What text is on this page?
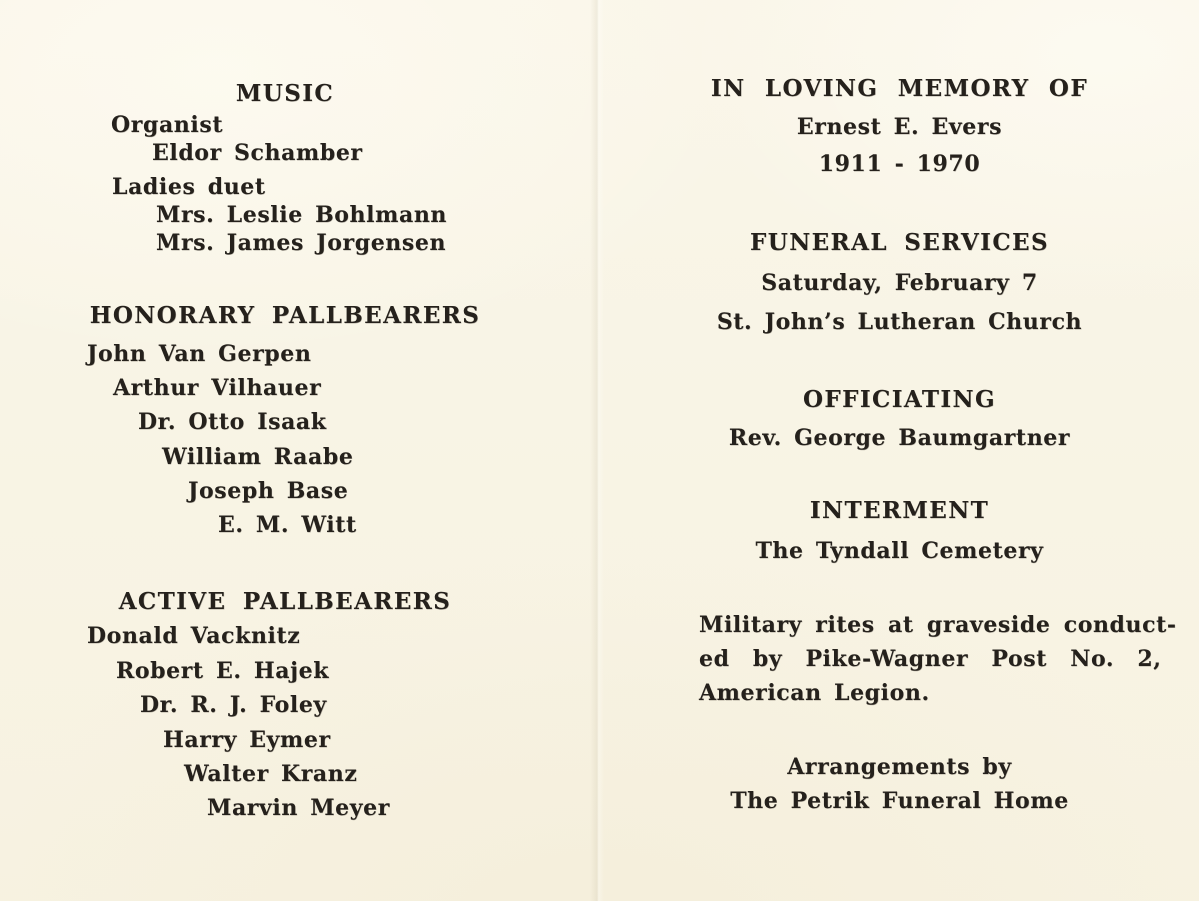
MUSIC
Organist
Eldor Schamber
Ladies duet
Mrs. Leslie Bohlmann
Mrs. James Jorgensen
HONORARY PALLBEARERS
John Van Gerpen
Arthur Vilhauer
Dr. Otto Isaak
William Raabe
Joseph Base
E. M. Witt
ACTIVE PALLBEARERS
Donald Vacknitz
Robert E. Hajek
Dr. R. J. Foley
Harry Eymer
Walter Kranz
Marvin Meyer
IN LOVING MEMORY OF
Ernest E. Evers
1911 - 1970
FUNERAL SERVICES
Saturday, February 7
St. John’s Lutheran Church
OFFICIATING
Rev. George Baumgartner
INTERMENT
The Tyndall Cemetery
Military rites at graveside conduct-
ed by Pike-Wagner Post No. 2,
American Legion.
Arrangements by
The Petrik Funeral Home
